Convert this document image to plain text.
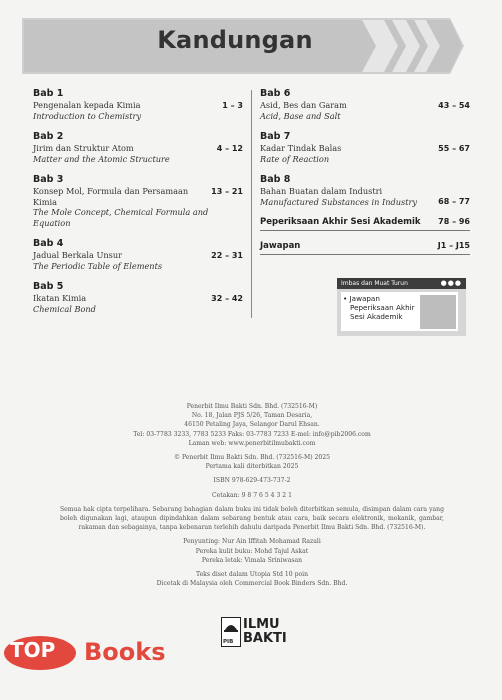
Kandungan
Bab 1
Pengenalan kepada Kimia
Introduction to Chemistry
1 – 3
Bab 2
Jirim dan Struktur Atom
Matter and the Atomic Structure
4 – 12
Bab 3
Konsep Mol, Formula dan Persamaan Kimia
The Mole Concept, Chemical Formula and Equation
13 – 21
Bab 4
Jadual Berkala Unsur
The Periodic Table of Elements
22 – 31
Bab 5
Ikatan Kimia
Chemical Bond
32 – 42
Bab 6
Asid, Bes dan Garam
Acid, Base and Salt
43 – 54
Bab 7
Kadar Tindak Balas
Rate of Reaction
55 – 67
Bab 8
Bahan Buatan dalam Industri
Manufactured Substances in Industry	68 – 77
Peperiksaan Akhir Sesi Akademik 78 – 96
Jawapan	J1 – J15
Imbas dan Muat Turun	●●●
• Jawapan
Peperiksaan Akhir
Sesi Akademik

Penerbit Ilmu Bakti Sdn. Bhd. (732516-M)

No. 18, Jalan PJS 5/26, Taman Desaria,

46150 Petaling Jaya, Selangor Darul Ehsan.

Tel: 03-7783 3233, 7783 5233 Faks: 03-7783 7233 E-mel: info@pib2006.com

Laman web: www.penerbitilmubakti.com

© Penerbit Ilmu Bakti Sdn. Bhd. (732516-M) 2025

Pertama kali diterbitkan 2025

ISBN 978-629-473-737-2

Cetakan: 9 8 7 6 5 4 3 2 1

Semua hak cipta terpelihara. Sebarang bahagian dalam buku ini tidak boleh diterbitkan semula, disimpan dalam cara yang boleh digunakan lagi, ataupun dipindahkan dalam sebarang bentuk atau cara, baik secara elektronik, mekanik, gambar, rakaman dan sebagainya, tanpa kebenaran terlebih dahulu daripada Penerbit Ilmu Bakti Sdn. Bhd. (732516-M).

Penyunting: Nur Ain Iffitah Mohamad Razali

Pereka kulit buku: Mohd Tajul Askat

Pereka letak: Vimala Sriniwasan

Teks diset dalam Utopia Std 10 poin

Dicetak di Malaysia oleh Commercial Book Binders Sdn. Bhd.

PIB
ILMU
BAKTI
TOP Books
